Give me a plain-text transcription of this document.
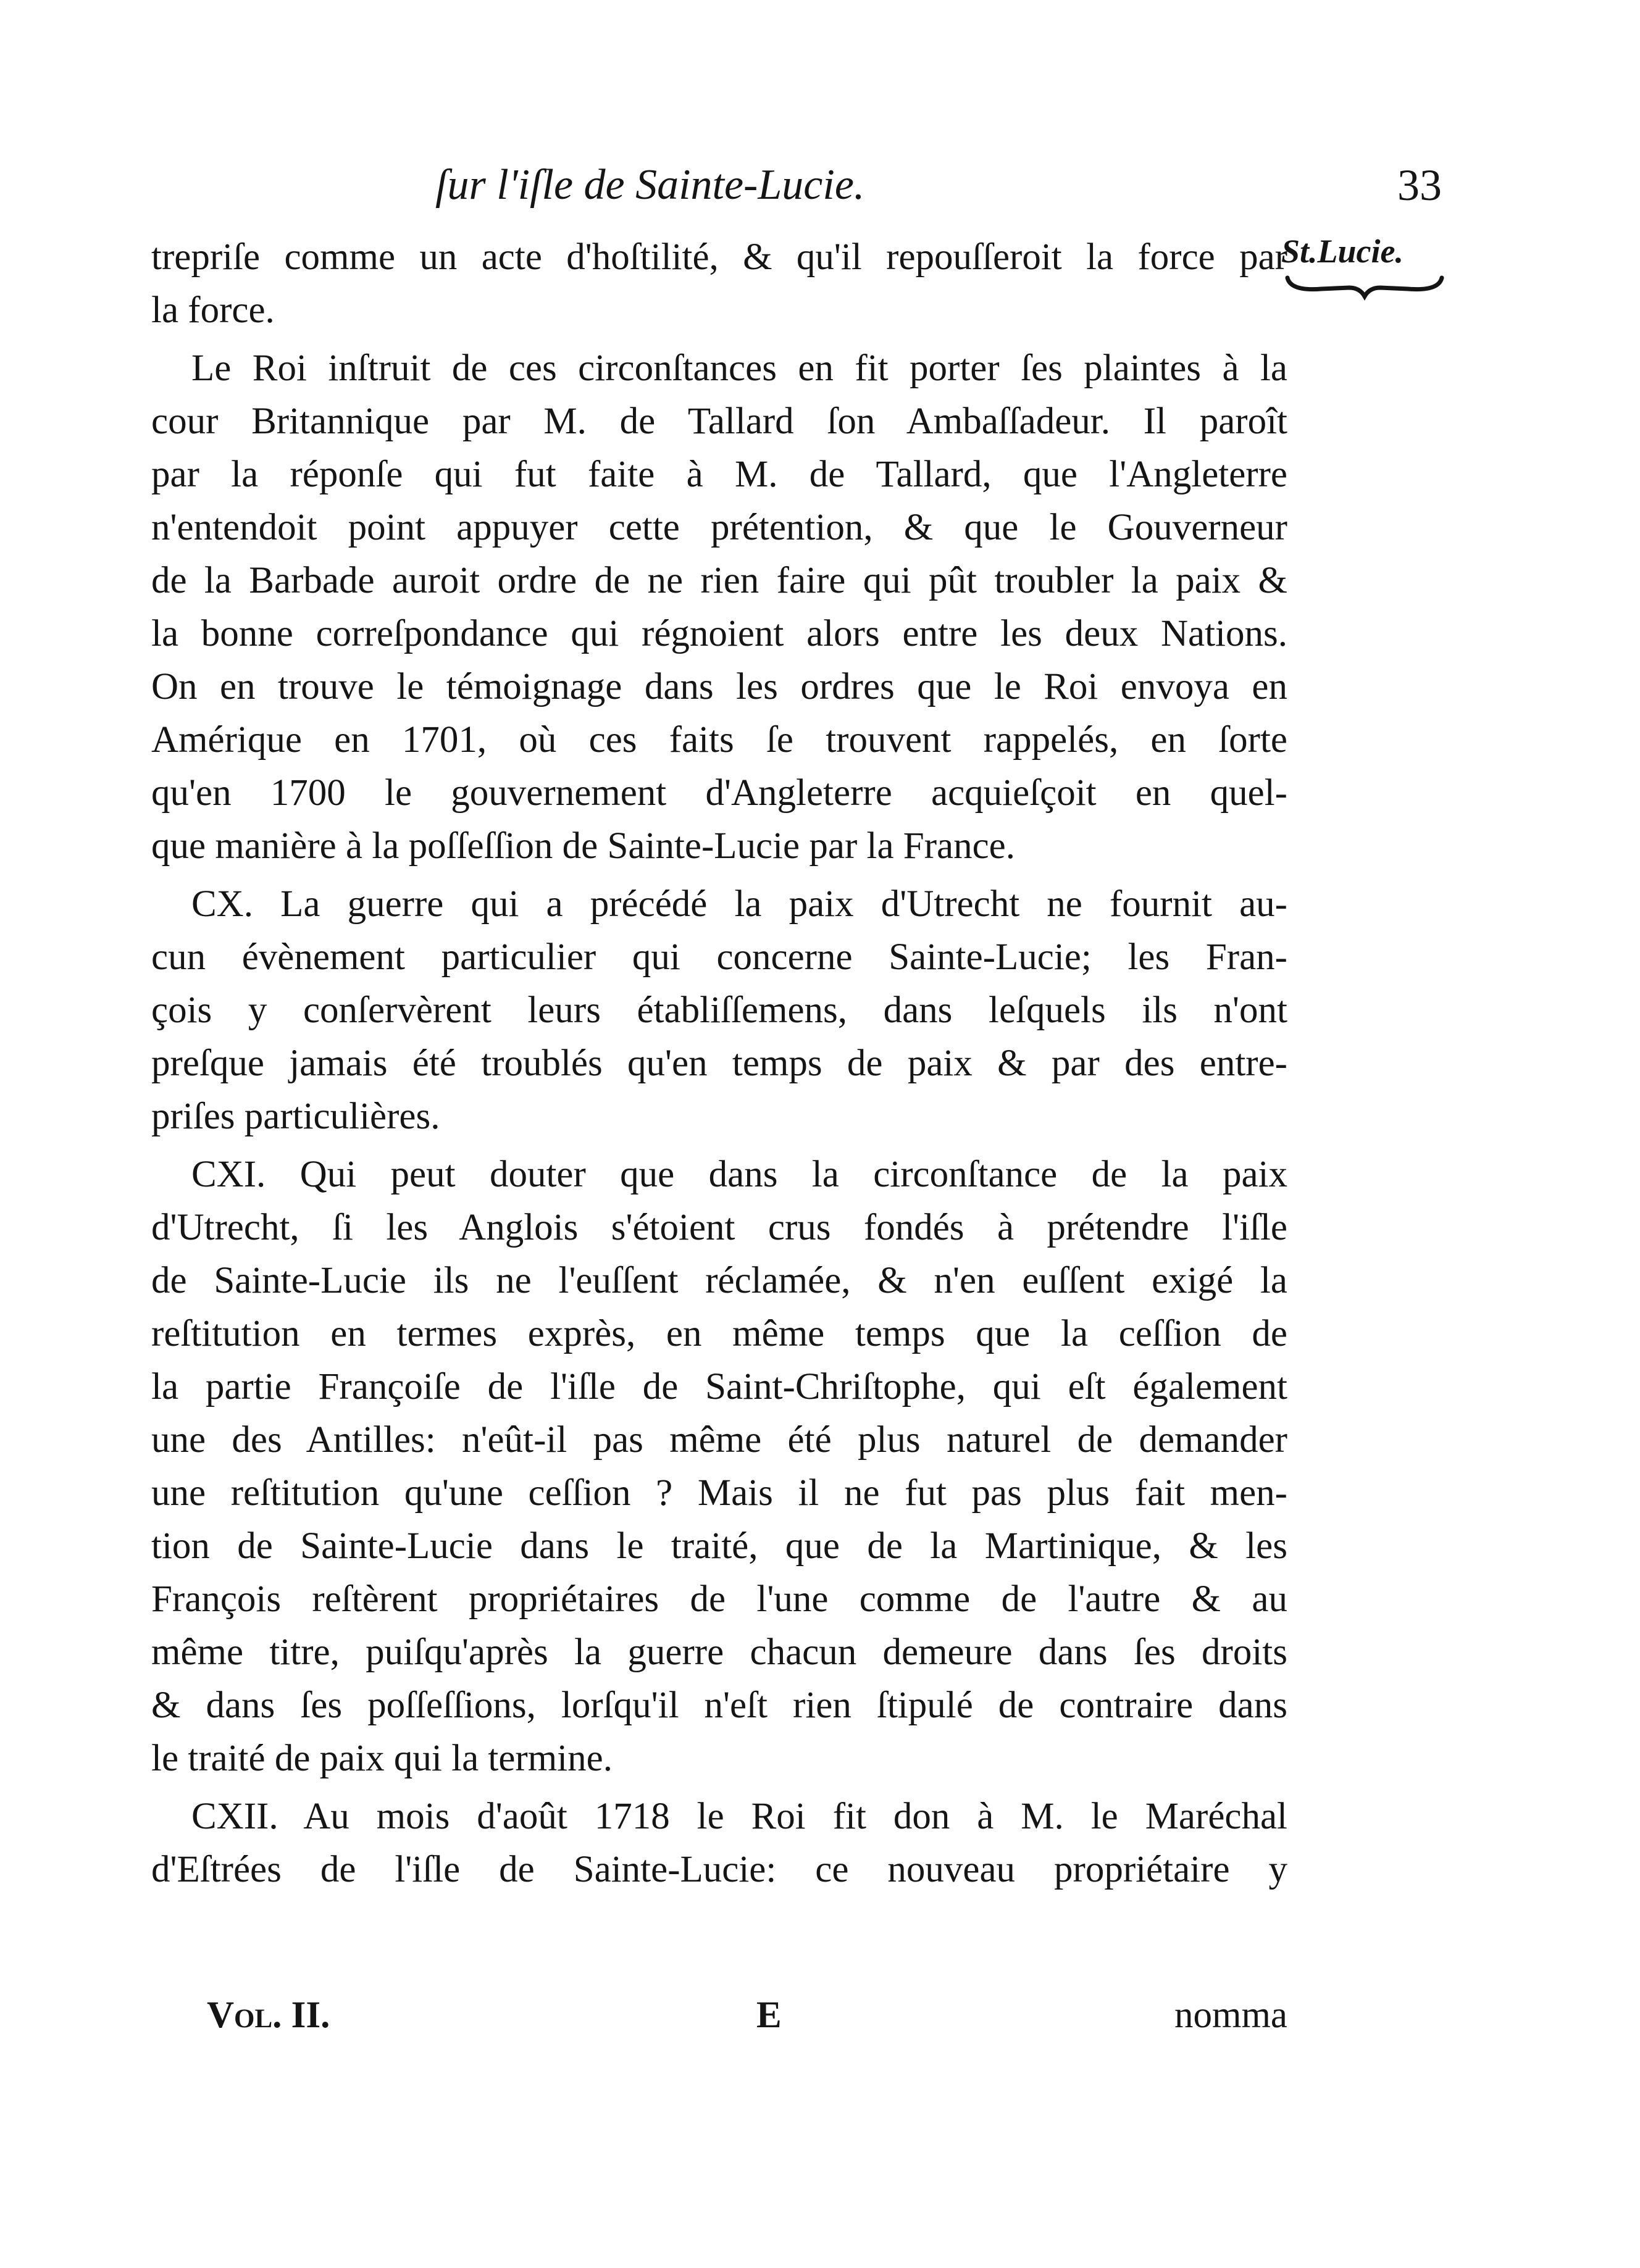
ſur l'iſle de Sainte-Lucie.	33
St.Lucie.
trepriſe comme un acte d'hoſtilité, & qu'il repouſſeroit la force par
la force.
Le Roi inſtruit de ces circonſtances en fit porter ſes plaintes à la
cour Britannique par M. de Tallard ſon Ambaſſadeur. Il paroît
par la réponſe qui fut faite à M. de Tallard, que l'Angleterre
n'entendoit point appuyer cette prétention, & que le Gouverneur
de la Barbade auroit ordre de ne rien faire qui pût troubler la paix &
la bonne correſpondance qui régnoient alors entre les deux Nations.
On en trouve le témoignage dans les ordres que le Roi envoya en
Amérique en 1701, où ces faits ſe trouvent rappelés, en ſorte
qu'en 1700 le gouvernement d'Angleterre acquieſçoit en quel-
que manière à la poſſeſſion de Sainte-Lucie par la France.
CX. La guerre qui a précédé la paix d'Utrecht ne fournit au-
cun évènement particulier qui concerne Sainte-Lucie; les Fran-
çois y conſervèrent leurs établiſſemens, dans leſquels ils n'ont
preſque jamais été troublés qu'en temps de paix & par des entre-
priſes particulières.
CXI. Qui peut douter que dans la circonſtance de la paix
d'Utrecht, ſi les Anglois s'étoient crus fondés à prétendre l'iſle
de Sainte-Lucie ils ne l'euſſent réclamée, & n'en euſſent exigé la
reſtitution en termes exprès, en même temps que la ceſſion de
la partie Françoiſe de l'iſle de Saint-Chriſtophe, qui eſt également
une des Antilles: n'eût-il pas même été plus naturel de demander
une reſtitution qu'une ceſſion ? Mais il ne fut pas plus fait men-
tion de Sainte-Lucie dans le traité, que de la Martinique, & les
François reſtèrent propriétaires de l'une comme de l'autre & au
même titre, puiſqu'après la guerre chacun demeure dans ſes droits
& dans ſes poſſeſſions, lorſqu'il n'eſt rien ſtipulé de contraire dans
le traité de paix qui la termine.
CXII. Au mois d'août 1718 le Roi fit don à M. le Maréchal
d'Eſtrées de l'iſle de Sainte-Lucie: ce nouveau propriétaire y
Vol. II.	E	nomma
